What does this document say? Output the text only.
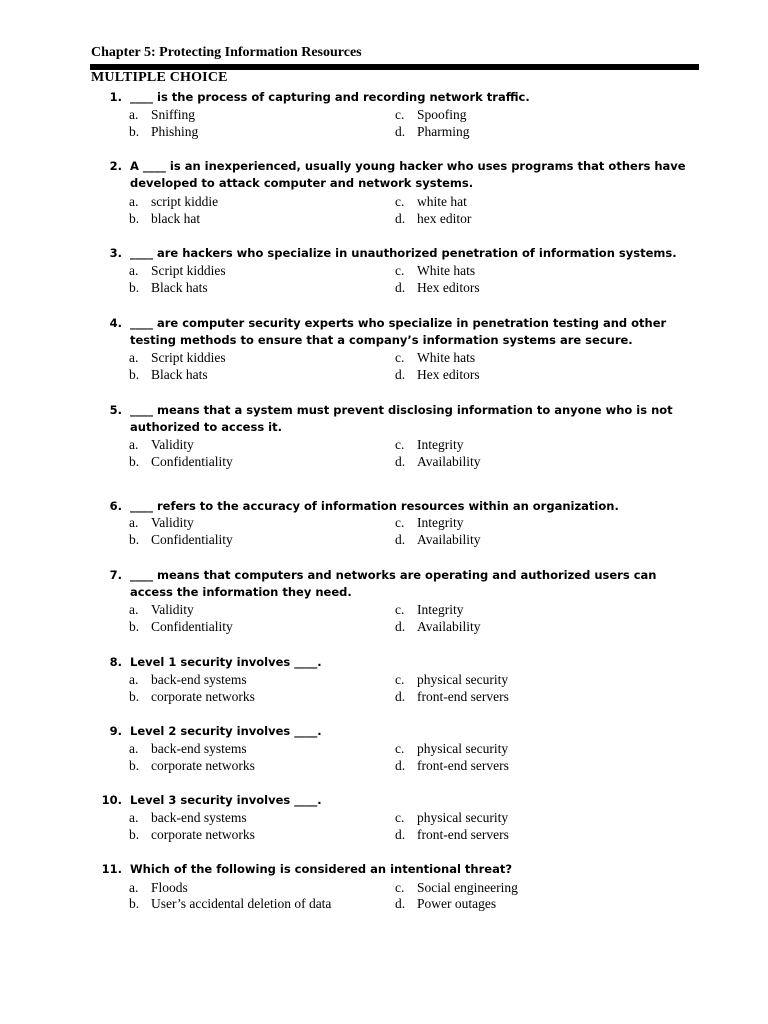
Chapter 5: Protecting Information Resources
MULTIPLE CHOICE
1. ____ is the process of capturing and recording network traffic.
a. Sniffing	c. Spoofing
b. Phishing	d. Pharming
2. A ____ is an inexperienced, usually young hacker who uses programs that others have developed to attack computer and network systems.
a. script kiddie	c. white hat
b. black hat	d. hex editor
3. ____ are hackers who specialize in unauthorized penetration of information systems.
a. Script kiddies	c. White hats
b. Black hats	d. Hex editors
4. ____ are computer security experts who specialize in penetration testing and other testing methods to ensure that a company’s information systems are secure.
a. Script kiddies	c. White hats
b. Black hats	d. Hex editors
5. ____ means that a system must prevent disclosing information to anyone who is not authorized to access it.
a. Validity	c. Integrity
b. Confidentiality	d. Availability
6. ____ refers to the accuracy of information resources within an organization.
a. Validity	c. Integrity
b. Confidentiality	d. Availability
7. ____ means that computers and networks are operating and authorized users can access the information they need.
a. Validity	c. Integrity
b. Confidentiality	d. Availability
8. Level 1 security involves ____.
a. back-end systems	c. physical security
b. corporate networks	d. front-end servers
9. Level 2 security involves ____.
a. back-end systems	c. physical security
b. corporate networks	d. front-end servers
10. Level 3 security involves ____.
a. back-end systems	c. physical security
b. corporate networks	d. front-end servers
11. Which of the following is considered an intentional threat?
a. Floods	c. Social engineering
b. User’s accidental deletion of data	d. Power outages
